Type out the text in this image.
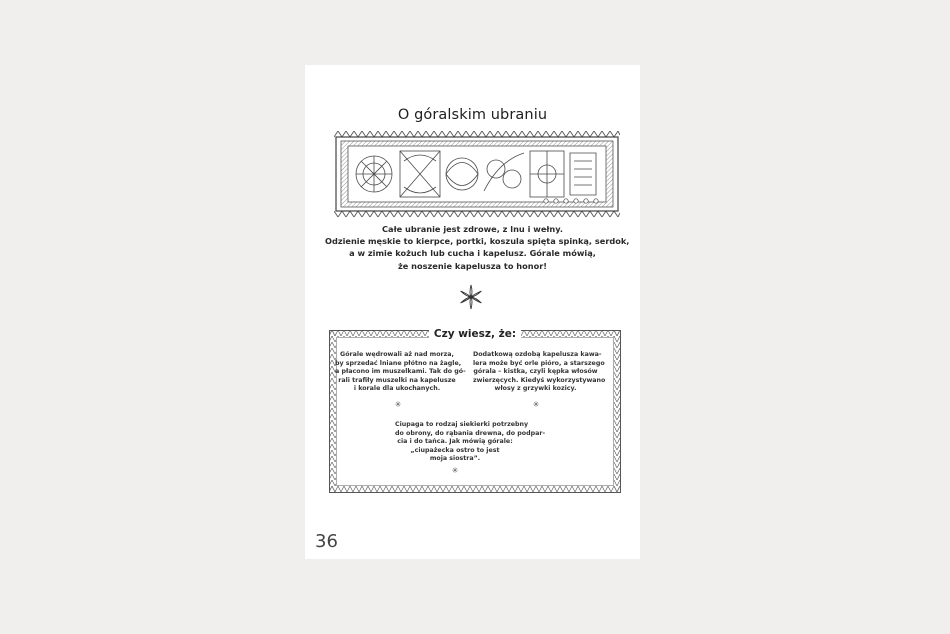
O góralskim ubraniu
Całe ubranie jest zdrowe, z lnu i wełny.
Odzienie męskie to kierpce, portki, koszula spięta spinką, serdok,
a w zimie kożuch lub cucha i kapelusz. Górale mówią,
że noszenie kapelusza to honor!
Czy wiesz, że:
Górale wędrowali aż nad morza,
by sprzedać lniane płótno na żagle,
a płacono im muszelkami. Tak do gó-
rali trafiły muszelki na kapelusze
i korale dla ukochanych.
✳
Dodatkową ozdobą kapelusza kawa-
lera może być orle pióro, a starszego
górala – kistka, czyli kępka włosów
zwierzęcych. Kiedyś wykorzystywano
włosy z grzywki kozicy.
✳
Ciupaga to rodzaj siekierki potrzebny
do obrony, do rąbania drewna, do podpar-
cia i do tańca. Jak mówią górale:
„ciupażecka ostro to jest
moja siostra”.
✳
36
